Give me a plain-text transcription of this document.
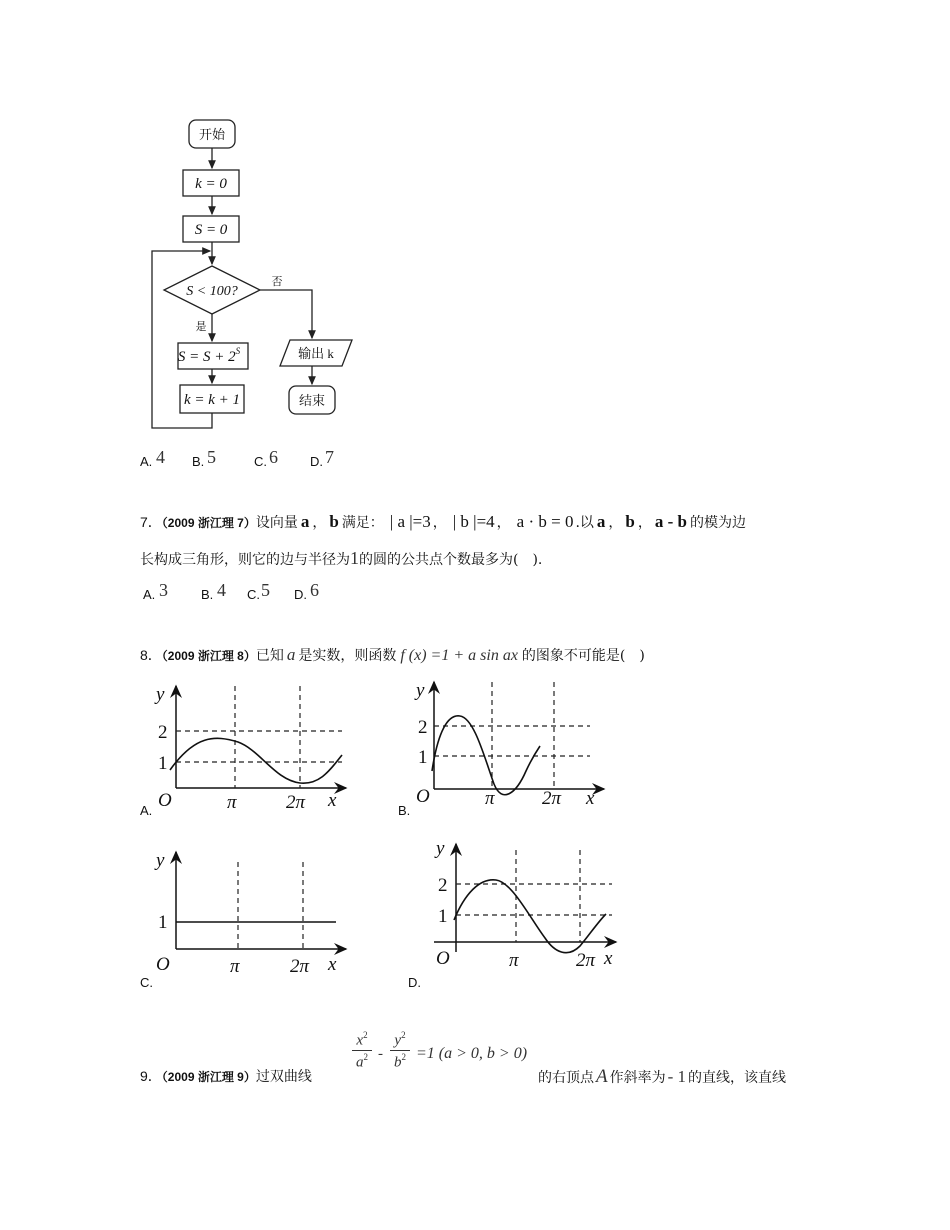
开始
k = 0
S = 0
S < 100?
是
否
$S = S + 2^S$
k = k + 1
输出 k
结束
A. 4 B. 5	C. 6 D. 7
7．（2009 浙江理 7）设向量 a ， b 满足： | a |=3 ， | b |=4 ， a · b = 0 .以 a ， b ， a - b 的模为边
长构成三角形，则它的边与半径为1的圆的公共点个数最多为(　).
A. 3	B. 4 C. 5 D. 6
8．（2009 浙江理 8）已知 a 是实数，则函数 f (x) =1 + a sin ax 的图象不可能是(　)
y
x
O	π	2π
2
1
A.
y
x
O	π 2π
2
1
B.
y
x
O	π	2π
1
C.
y
x
O	π	2π
2
1
D.
9．（2009 浙江理 9）过双曲线
$x^2$
$a^2$ -
$y^2$
$b^2 =1$ (a > 0, b > 0)
的右顶点 A 作斜率为 - 1 的直线，该直线
